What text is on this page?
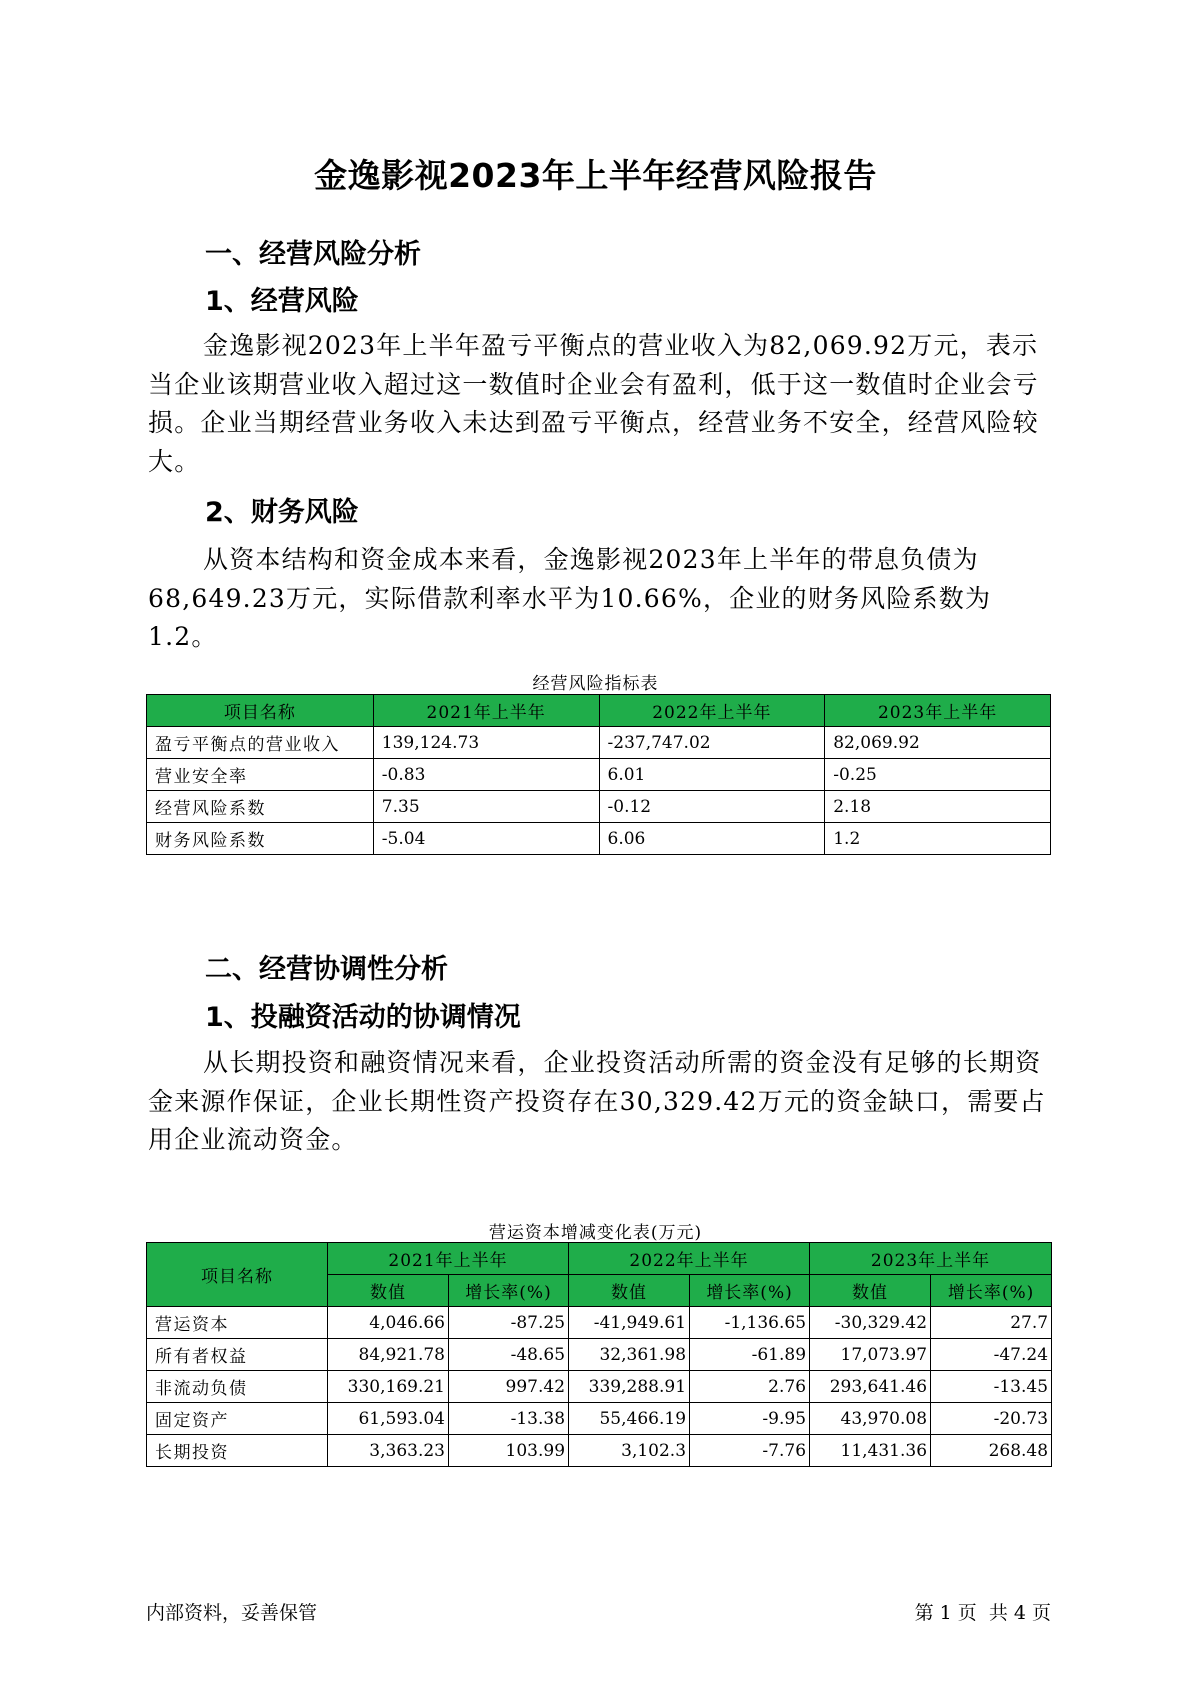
金逸影视2023年上半年经营风险报告
一、经营风险分析
1、经营风险
金逸影视2023年上半年盈亏平衡点的营业收入为82,069.92万元，表示当企业该期营业收入超过这一数值时企业会有盈利，低于这一数值时企业会亏损。企业当期经营业务收入未达到盈亏平衡点，经营业务不安全，经营风险较大。
2、财务风险
从资本结构和资金成本来看，金逸影视2023年上半年的带息负债为68,649.23万元，实际借款利率水平为10.66%，企业的财务风险系数为1.2。
经营风险指标表
项目名称	2021年上半年	2022年上半年	2023年上半年
盈亏平衡点的营业收入	139,124.73	-237,747.02	82,069.92
营业安全率	-0.83	6.01	-0.25
经营风险系数	7.35	-0.12	2.18
财务风险系数	-5.04	6.06	1.2
二、经营协调性分析
1、投融资活动的协调情况
从长期投资和融资情况来看，企业投资活动所需的资金没有足够的长期资金来源作保证，企业长期性资产投资存在30,329.42万元的资金缺口，需要占用企业流动资金。
营运资本增减变化表(万元)
项目名称	2021年上半年		2022年上半年		2023年上半年	
	数值	增长率(%)	数值	增长率(%)	数值	增长率(%)
营运资本	4,046.66	-87.25	-41,949.61	-1,136.65	-30,329.42	27.7
所有者权益	84,921.78	-48.65	32,361.98	-61.89	17,073.97	-47.24
非流动负债	330,169.21	997.42	339,288.91	2.76	293,641.46	-13.45
固定资产	61,593.04	-13.38	55,466.19	-9.95	43,970.08	-20.73
长期投资	3,363.23	103.99	3,102.3	-7.76	11,431.36	268.48
内部资料，妥善保管	第 1 页  共 4 页
